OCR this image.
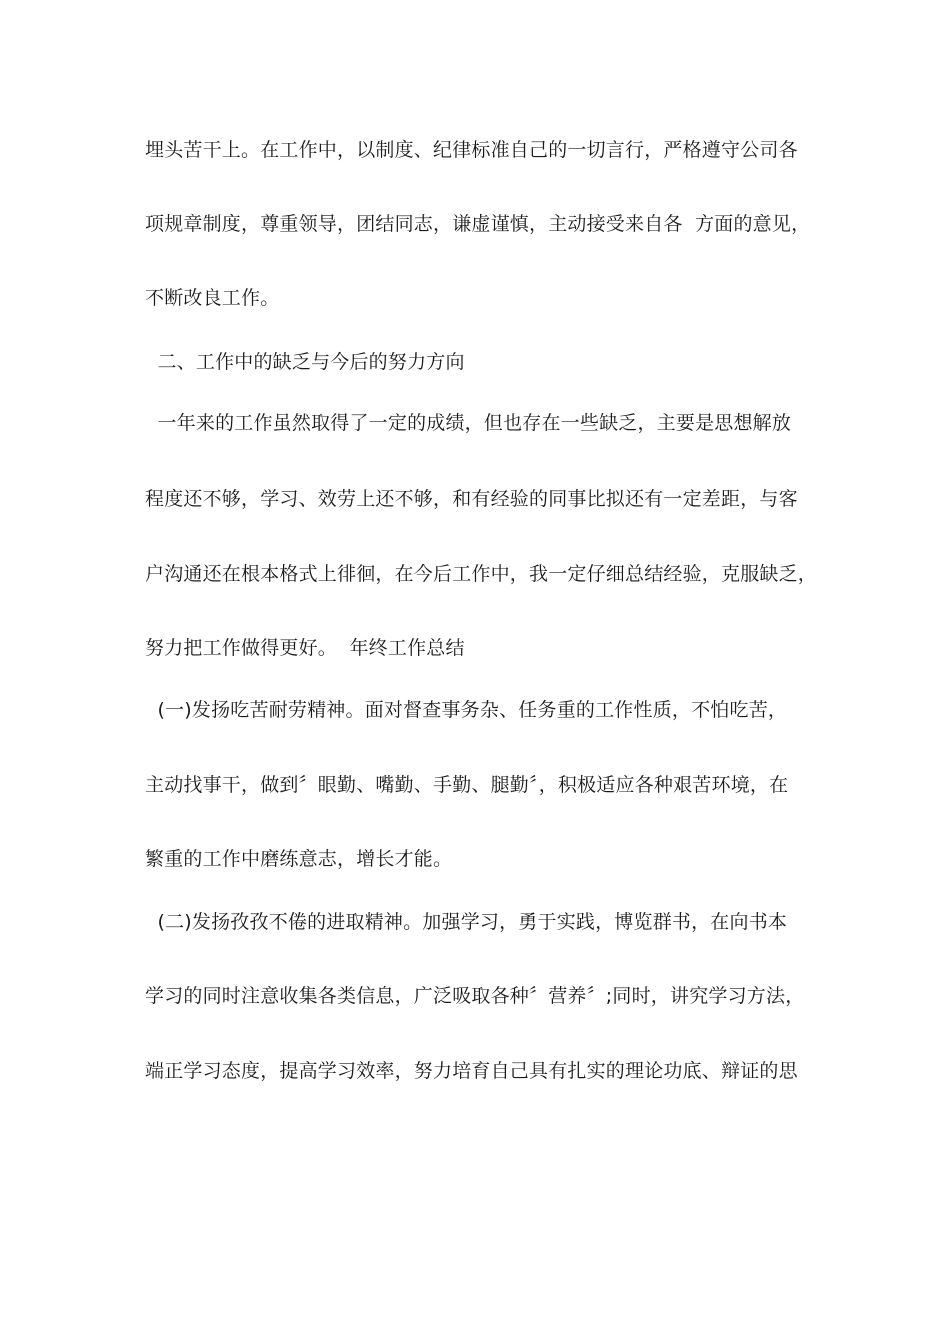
埋头苦干上。在工作中，以制度、纪律标准自己的一切言行，严格遵守公司各
项规章制度，尊重领导，团结同志，谦虚谨慎，主动接受来自各  方面的意见，
不断改良工作。
二、工作中的缺乏与今后的努力方向
一年来的工作虽然取得了一定的成绩，但也存在一些缺乏，主要是思想解放
程度还不够，学习、效劳上还不够，和有经验的同事比拟还有一定差距，与客
户沟通还在根本格式上徘徊，在今后工作中，我一定仔细总结经验，克服缺乏，
努力把工作做得更好。  年终工作总结
(一)发扬吃苦耐劳精神。面对督查事务杂、任务重的工作性质，不怕吃苦，
主动找事干，做到〞眼勤、嘴勤、手勤、腿勤〞，积极适应各种艰苦环境，在
繁重的工作中磨练意志，增长才能。
(二)发扬孜孜不倦的进取精神。加强学习，勇于实践，博览群书，在向书本
学习的同时注意收集各类信息，广泛吸取各种〞营养〞;同时，讲究学习方法，
端正学习态度，提高学习效率，努力培育自己具有扎实的理论功底、辩证的思
